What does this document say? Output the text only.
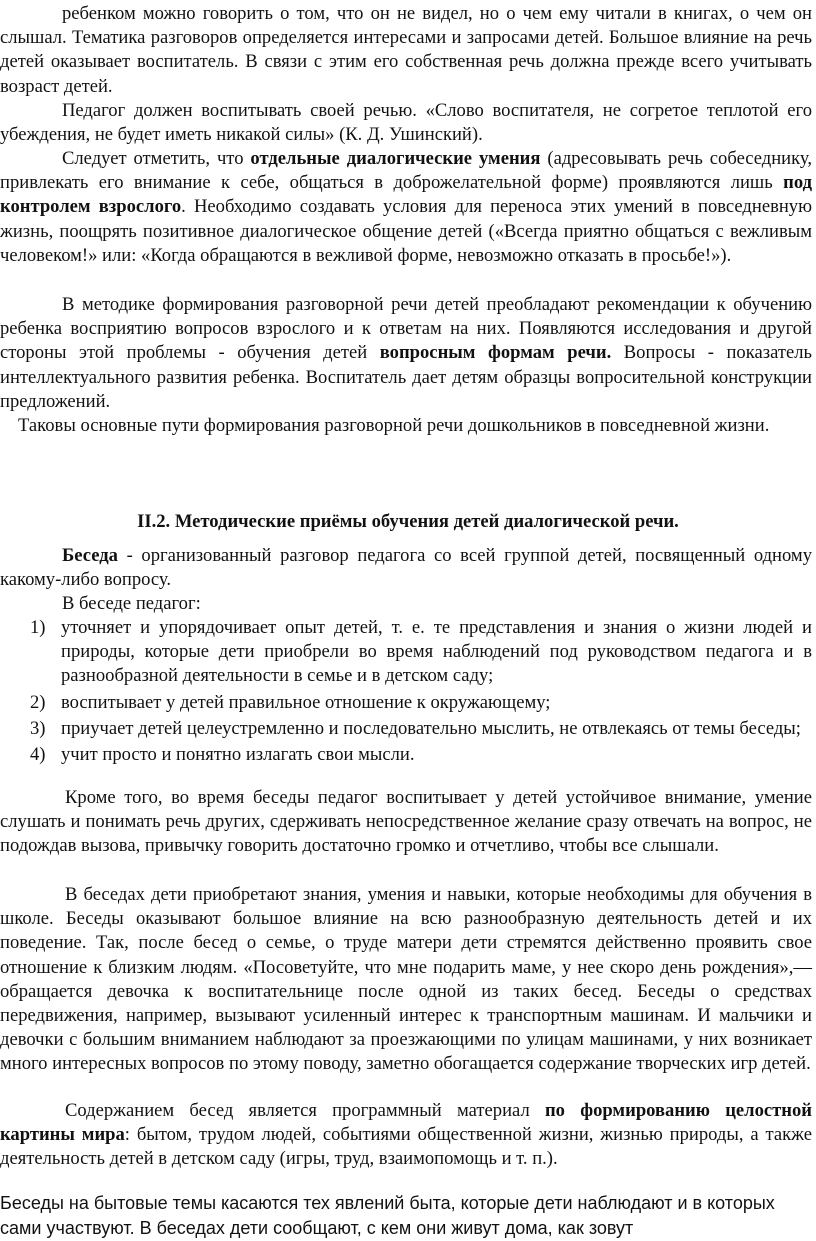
ребенком можно говорить о том, что он не видел, но о чем ему читали в книгах, о чем он слышал. Тематика разговоров определяется интересами и запросами детей. Большое влияние на речь детей оказывает воспитатель. В связи с этим его собственная речь должна прежде всего учитывать возраст детей.

Педагог должен воспитывать своей речью. «Слово воспитателя, не согретое теплотой его убеждения, не будет иметь никакой силы» (К. Д. Ушинский).

Следует отметить, что отдельные диалогические умения (адресовывать речь собеседнику, привлекать его внимание к себе, общаться в доброжелательной форме) проявляются лишь под контролем взрослого. Необходимо создавать условия для переноса этих умений в повседневную жизнь, поощрять позитивное диалогическое общение детей («Всегда приятно общаться с вежливым человеком!» или: «Когда обращаются в вежливой форме, невозможно отказать в просьбе!»).

В методике формирования разговорной речи детей преобладают рекомендации к обучению ребенка восприятию вопросов взрослого и к ответам на них. Появляются исследования и другой стороны этой проблемы - обучения детей вопросным формам речи. Вопросы - показатель интеллектуального развития ребенка. Воспитатель дает детям образцы вопросительной конструкции предложений.

Таковы основные пути формирования разговорной речи дошкольников в повседневной жизни.

II.2. Методические приёмы обучения детей диалогической речи.

Беседа - организованный разговор педагога со всей группой детей, посвященный одному какому-либо вопросу.

В беседе педагог:

1) уточняет и упорядочивает опыт детей, т. е. те представления и знания о жизни людей и природы, которые дети приобрели во время наблюдений под руководством педагога и в разнообразной деятельности в семье и в детском саду;
2) воспитывает у детей правильное отношение к окружающему;
3) приучает детей целеустремленно и последовательно мыслить, не отвлекаясь от темы беседы;
4) учит просто и понятно излагать свои мысли.

Кроме того, во время беседы педагог воспитывает у детей устойчивое внимание, умение слушать и понимать речь других, сдерживать непосредственное желание сразу отвечать на вопрос, не подождав вызова, привычку говорить достаточно громко и отчетливо, чтобы все слышали.

В беседах дети приобретают знания, умения и навыки, которые необходимы для обучения в школе. Беседы оказывают большое влияние на всю разнообразную деятельность детей и их поведение. Так, после бесед о семье, о труде матери дети стремятся действенно проявить свое отношение к близким людям. «Посоветуйте, что мне подарить маме, у нее скоро день рождения»,— обращается девочка к воспитательнице после одной из таких бесед. Беседы о средствах передвижения, например, вызывают усиленный интерес к транспортным машинам. И мальчики и девочки с большим вниманием наблюдают за проезжающими по улицам машинами, у них возникает много интересных вопросов по этому поводу, заметно обогащается содержание творческих игр детей.

Содержанием бесед является программный материал по формированию целостной картины мира: бытом, трудом людей, событиями общественной жизни, жизнью природы, а также деятельность детей в детском саду (игры, труд, взаимопомощь и т. п.).

Беседы на бытовые темы касаются тех явлений быта, которые дети наблюдают и в которых сами участвуют. В беседах дети сообщают, с кем они живут дома, как зовут
